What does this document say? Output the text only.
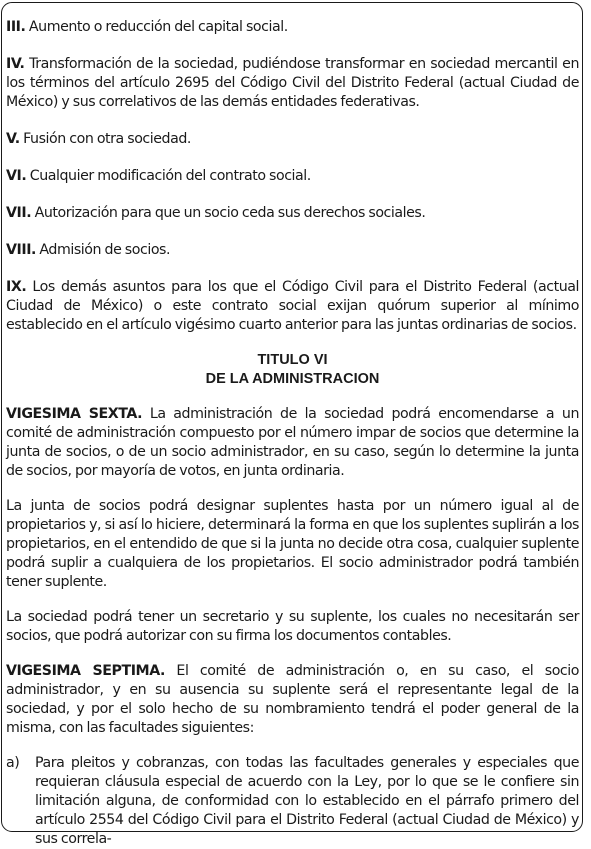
III. Aumento o reducción del capital social.

IV. Transformación de la sociedad, pudiéndose transformar en sociedad mercantil en los términos del artículo 2695 del Código Civil del Distrito Federal (actual Ciudad de México) y sus correlativos de las demás entidades federativas.

V. Fusión con otra sociedad.

VI. Cualquier modificación del contrato social.

VII. Autorización para que un socio ceda sus derechos sociales.

VIII. Admisión de socios.

IX. Los demás asuntos para los que el Código Civil para el Distrito Federal (actual Ciudad de México) o este contrato social exijan quórum superior al mínimo establecido en el artículo vigésimo cuarto anterior para las juntas ordinarias de socios.

TITULO VI
DE LA ADMINISTRACION

VIGESIMA SEXTA. La administración de la sociedad podrá encomendarse a un comité de administración compuesto por el número impar de socios que determine la junta de socios, o de un socio administrador, en su caso, según lo determine la junta de socios, por mayoría de votos, en junta ordinaria.

La junta de socios podrá designar suplentes hasta por un número igual al de propietarios y, si así lo hiciere, determinará la forma en que los suplentes suplirán a los propietarios, en el entendido de que si la junta no decide otra cosa, cualquier suplente podrá suplir a cualquiera de los propietarios. El socio administrador podrá también tener suplente.

La sociedad podrá tener un secretario y su suplente, los cuales no necesitarán ser socios, que podrá autorizar con su firma los documentos contables.

VIGESIMA SEPTIMA. El comité de administración o, en su caso, el socio administrador, y en su ausencia su suplente será el representante legal de la sociedad, y por el solo hecho de su nombramiento tendrá el poder general de la misma, con las facultades siguientes:

a)	Para pleitos y cobranzas, con todas las facultades generales y especiales que requieran cláusula especial de acuerdo con la Ley, por lo que se le confiere sin limitación alguna, de conformidad con lo establecido en el párrafo primero del artículo 2554 del Código Civil para el Distrito Federal (actual Ciudad de México) y sus correla-
